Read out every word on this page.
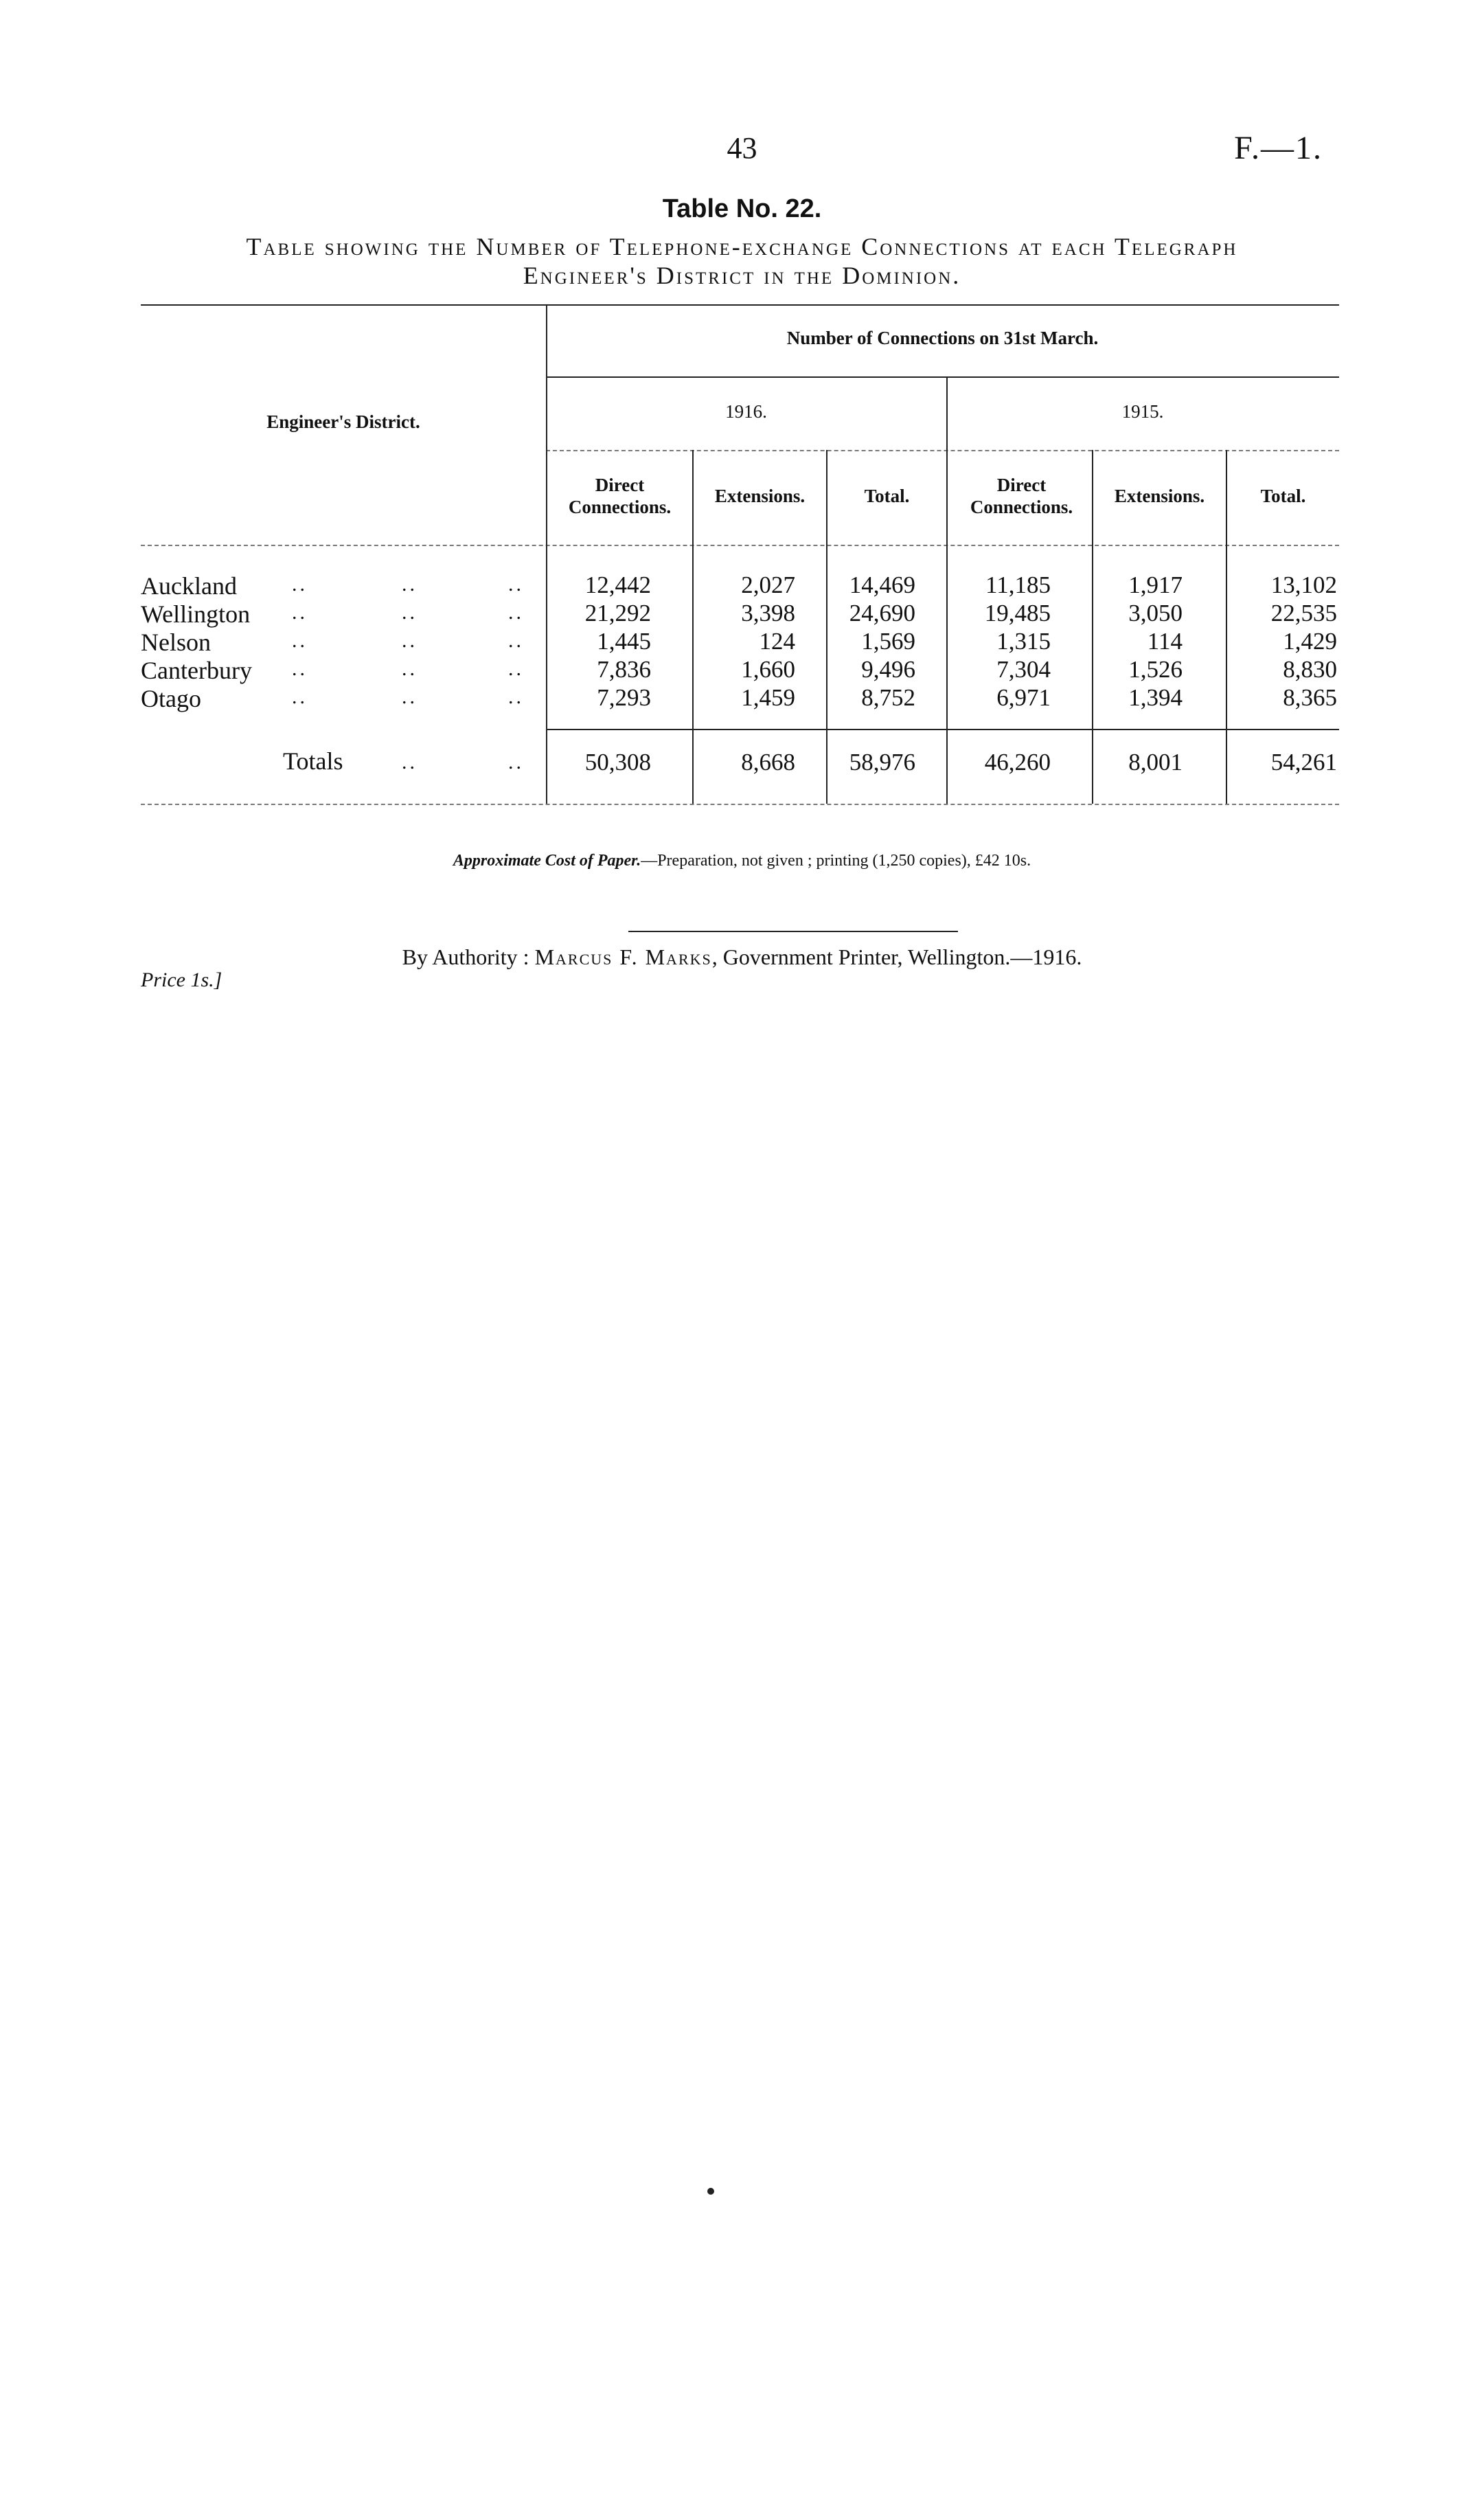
43	F.—1.
Table No. 22.
Table showing the Number of Telephone-exchange Connections at each Telegraph
Engineer's District in the Dominion.
Engineer's District.
Number of Connections on 31st March.
1916.	1915.
Direct Connections.
Extensions.	Total.
Direct Connections.
Extensions.	Total.
Auckland	..	..	..	12,442	2,027	14,469	11,185	1,917	13,102
Wellington ..	..	..	21,292	3,398	24,690	19,485	3,050	22,535
Nelson	..	..	..	1,445	124	1,569	1,315	114	1,429
Canterbury ..	..	..	7,836	1,660	9,496	7,304	1,526	8,830
Otago	..	..	..	7,293	1,459	8,752	6,971	1,394	8,365
Totals	..	..	50,308	8,668	58,976	46,260	8,001	54,261
Approximate Cost of Paper.—Preparation, not given ; printing (1,250 copies), £42 10s.
By Authority : Marcus F. Marks, Government Printer, Wellington.—1916.
Price 1s.]
